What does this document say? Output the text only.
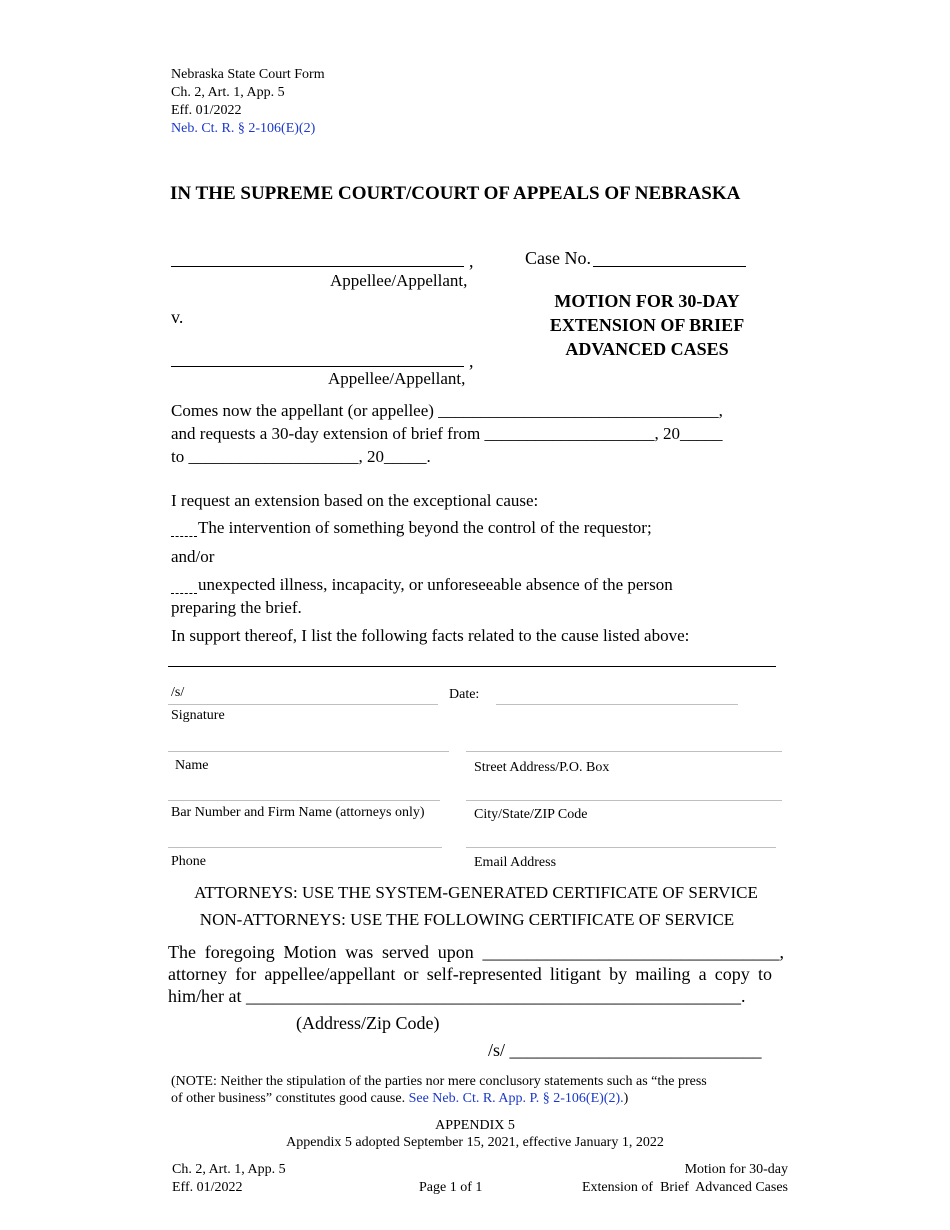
Nebraska State Court Form
Ch. 2, Art. 1, App. 5
Eff. 01/2022
Neb. Ct. R. § 2-106(E)(2)
IN THE SUPREME COURT/COURT OF APPEALS OF NEBRASKA
,
Appellee/Appellant,
v.
,
Appellee/Appellant,
Case No.
MOTION FOR 30-DAY
EXTENSION OF BRIEF
ADVANCED CASES
Comes now the appellant (or appellee) _________________________________,
and requests a 30-day extension of brief from ____________________, 20_____
to ____________________, 20_____.
I request an extension based on the exceptional cause:
The intervention of something beyond the control of the requestor;
and/or
unexpected illness, incapacity, or unforeseeable absence of the person
preparing the brief.
In support thereof, I list the following facts related to the cause listed above:
/s/
Signature
Date:
Name	Street Address/P.O. Box
Bar Number and Firm Name (attorneys only)	City/State/ZIP Code
Phone	Email Address
ATTORNEYS: USE THE SYSTEM-GENERATED CERTIFICATE OF SERVICE
NON-ATTORNEYS: USE THE FOLLOWING CERTIFICATE OF SERVICE
The foregoing Motion was served upon _________________________________,
attorney for appellee/appellant or self-represented litigant by mailing a copy to
him/her at _______________________________________________________.
(Address/Zip Code)
/s/ ____________________________
(NOTE: Neither the stipulation of the parties nor mere conclusory statements such as “the press
of other business” constitutes good cause. See Neb. Ct. R. App. P. § 2-106(E)(2).)
APPENDIX 5
Appendix 5 adopted September 15, 2021, effective January 1, 2022
Ch. 2, Art. 1, App. 5
Eff. 01/2022	Page 1 of 1
Motion for 30-day
Extension of  Brief  Advanced Cases
